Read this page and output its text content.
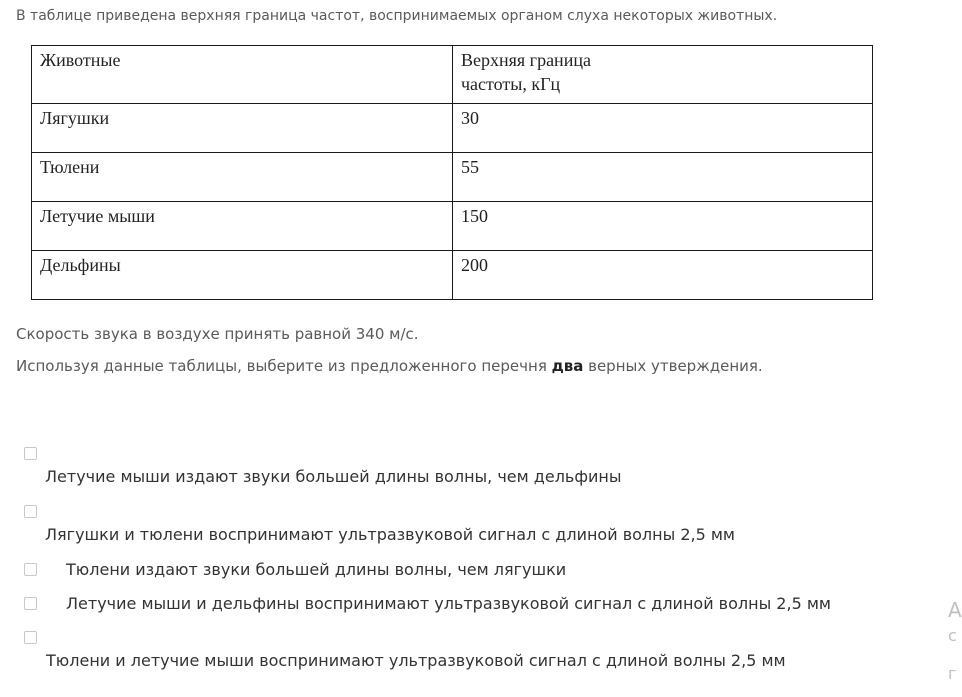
В таблице приведена верхняя граница частот, воспринимаемых органом слуха некоторых животных.
Животные	Верхняя граница
частоты, кГц
Лягушки	30
Тюлени	55
Летучие мыши	150
Дельфины	200
Скорость звука в воздухе принять равной 340 м/с.
Используя данные таблицы, выберите из предложенного перечня два верных утверждения.
Летучие мыши издают звуки большей длины волны, чем дельфины
Лягушки и тюлени воспринимают ультразвуковой сигнал с длиной волны 2,5 мм
Тюлени издают звуки большей длины волны, чем лягушки
Летучие мыши и дельфины воспринимают ультразвуковой сигнал с длиной волны 2,5 мм
Тюлени и летучие мыши воспринимают ультразвуковой сигнал с длиной волны 2,5 мм
А
с
г
